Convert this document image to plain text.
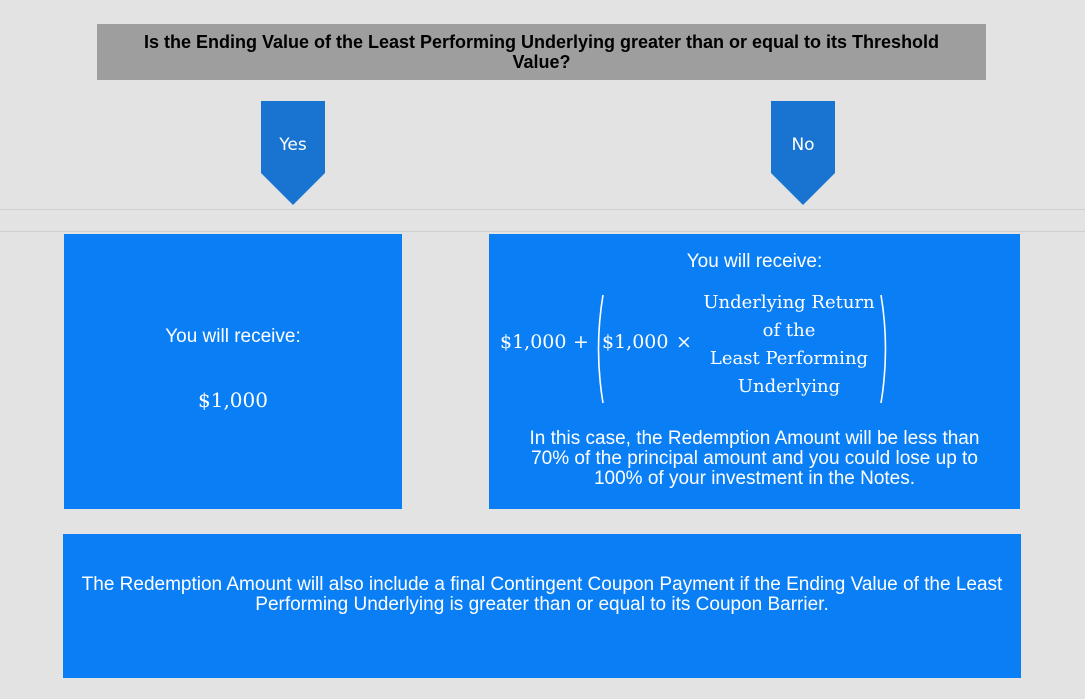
Is the Ending Value of the Least Performing Underlying greater than or equal to its Threshold Value?
Yes	No
You will receive:
$1,000
You will receive:
$1,000 + $1,000 ×
Underlying Return
of the
Least Performing
Underlying
In this case, the Redemption Amount will be less than 70% of the principal amount and you could lose up to 100% of your investment in the Notes.
The Redemption Amount will also include a final Contingent Coupon Payment if the Ending Value of the Least Performing Underlying is greater than or equal to its Coupon Barrier.
